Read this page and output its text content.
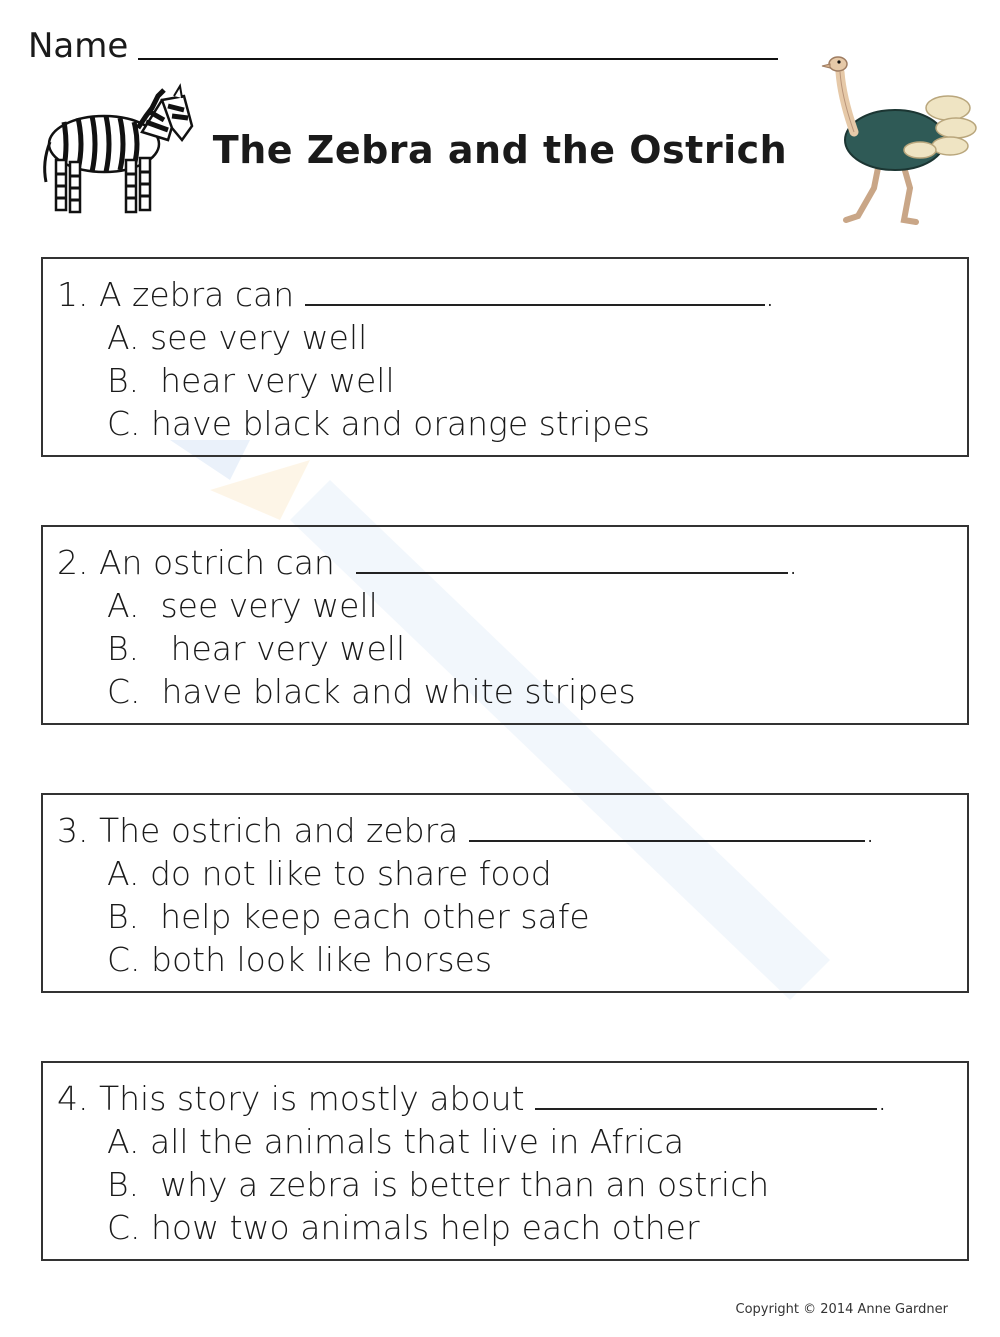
Name
The Zebra and the Ostrich
1. A zebra can	.
A. see very well
B.  hear very well
C. have black and orange stripes
2. An ostrich can	.
A.  see very well
B.   hear very well
C.  have black and white stripes
3. The ostrich and zebra	.
A. do not like to share food
B.  help keep each other safe
C. both look like horses
4. This story is mostly about	.
A. all the animals that live in Africa
B.  why a zebra is better than an ostrich
C. how two animals help each other
Copyright © 2014 Anne Gardner
